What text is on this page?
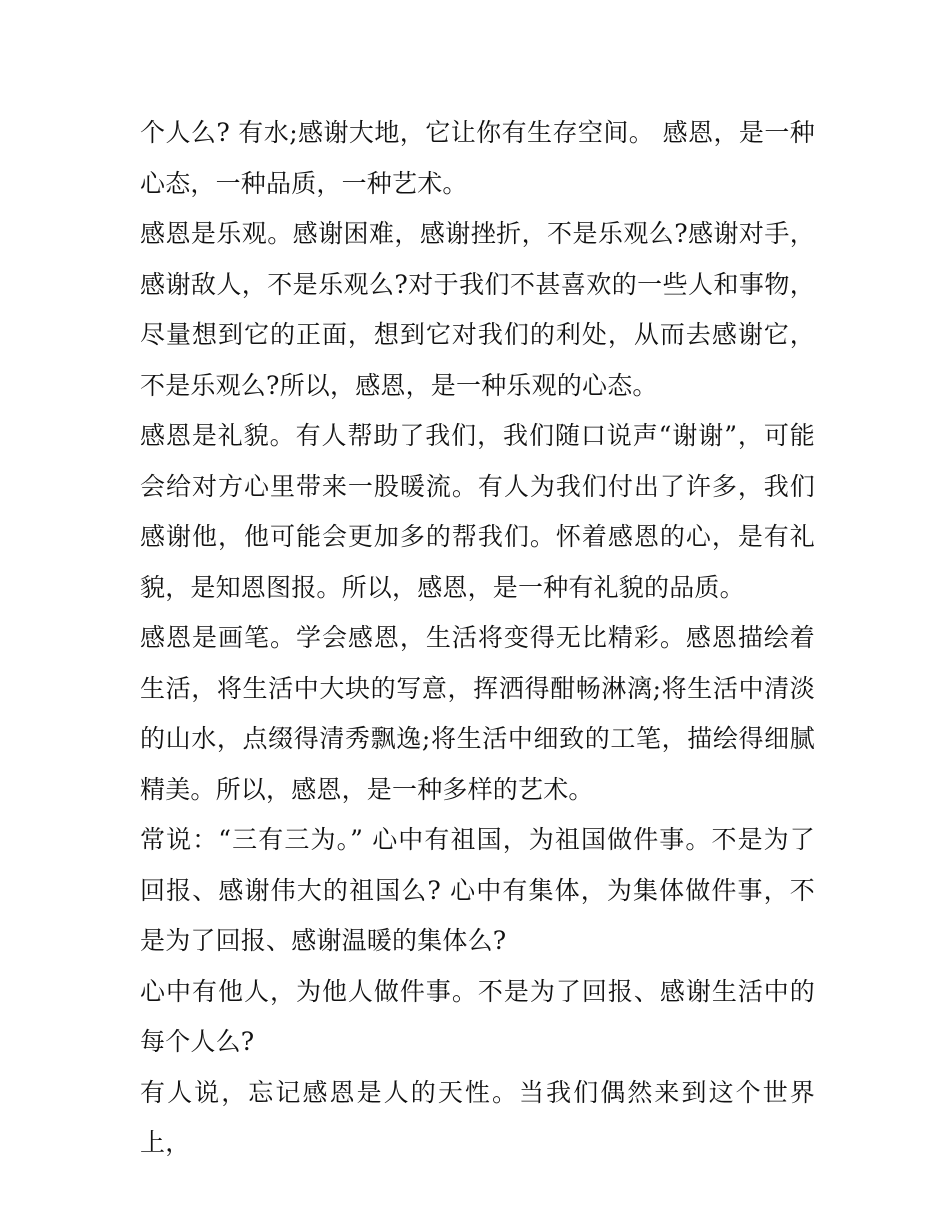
个人么? 有水;感谢大地，它让你有生存空间。 感恩，是一种心态，一种品质，一种艺术。

感恩是乐观。感谢困难，感谢挫折，不是乐观么?感谢对手，感谢敌人，不是乐观么?对于我们不甚喜欢的一些人和事物，尽量想到它的正面，想到它对我们的利处，从而去感谢它，不是乐观么?所以，感恩，是一种乐观的心态。

感恩是礼貌。有人帮助了我们，我们随口说声“谢谢”，可能会给对方心里带来一股暖流。有人为我们付出了许多，我们感谢他，他可能会更加多的帮我们。怀着感恩的心，是有礼貌，是知恩图报。所以，感恩，是一种有礼貌的品质。

感恩是画笔。学会感恩，生活将变得无比精彩。感恩描绘着生活，将生活中大块的写意，挥洒得酣畅淋漓;将生活中清淡的山水，点缀得清秀飘逸;将生活中细致的工笔，描绘得细腻精美。所以，感恩，是一种多样的艺术。

常说：“三有三为。” 心中有祖国，为祖国做件事。不是为了回报、感谢伟大的祖国么? 心中有集体，为集体做件事，不是为了回报、感谢温暖的集体么?

心中有他人，为他人做件事。不是为了回报、感谢生活中的每个人么?

有人说，忘记感恩是人的天性。当我们偶然来到这个世界上，
